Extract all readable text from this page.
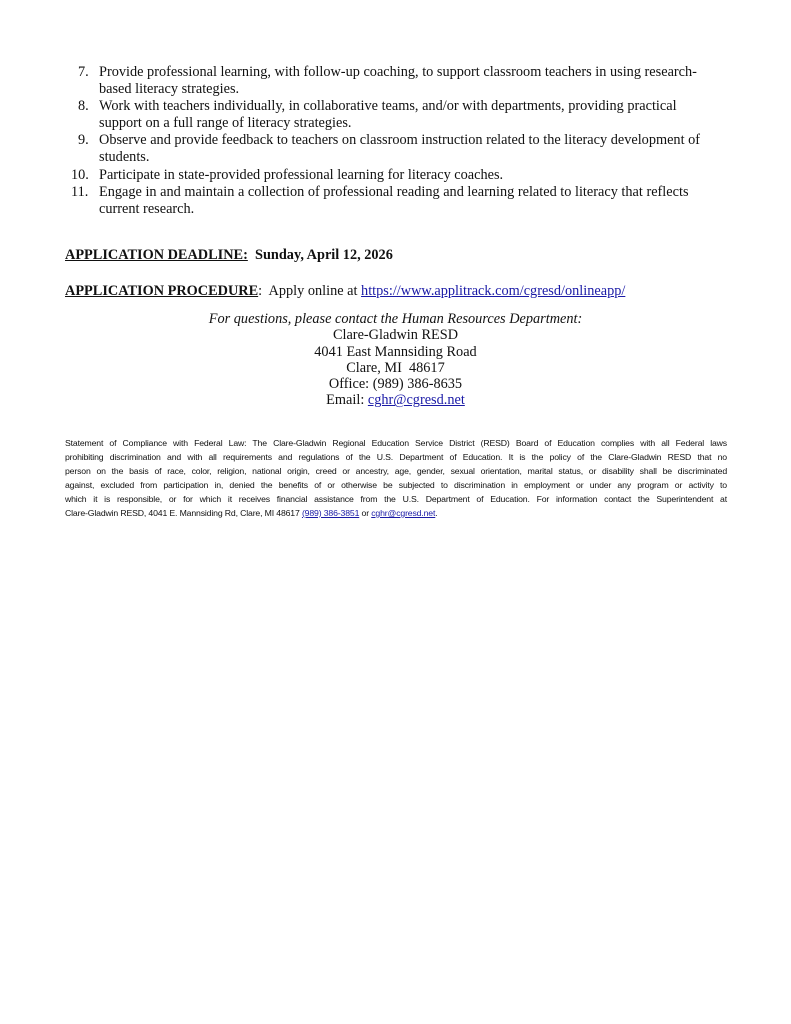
7. Provide professional learning, with follow-up coaching, to support classroom teachers in using research-based literacy strategies.
8. Work with teachers individually, in collaborative teams, and/or with departments, providing practical support on a full range of literacy strategies.
9. Observe and provide feedback to teachers on classroom instruction related to the literacy development of students.
10. Participate in state-provided professional learning for literacy coaches.
11. Engage in and maintain a collection of professional reading and learning related to literacy that reflects current research.
APPLICATION DEADLINE: Sunday, April 12, 2026
APPLICATION PROCEDURE: Apply online at https://www.applitrack.com/cgresd/onlineapp/
For questions, please contact the Human Resources Department:
Clare-Gladwin RESD
4041 East Mannsiding Road
Clare, MI  48617
Office: (989) 386-8635
Email: cghr@cgresd.net
Statement of Compliance with Federal Law: The Clare-Gladwin Regional Education Service District (RESD) Board of Education complies with all Federal laws
prohibiting discrimination and with all requirements and regulations of the U.S. Department of Education. It is the policy of the Clare-Gladwin RESD that no
person on the basis of race, color, religion, national origin, creed or ancestry, age, gender, sexual orientation, marital status, or disability shall be discriminated
against, excluded from participation in, denied the benefits of or otherwise be subjected to discrimination in employment or under any program or activity to
which it is responsible, or for which it receives financial assistance from the U.S. Department of Education. For information contact the Superintendent at
Clare-Gladwin RESD, 4041 E. Mannsiding Rd, Clare, MI 48617 (989) 386-3851 or cghr@cgresd.net.
